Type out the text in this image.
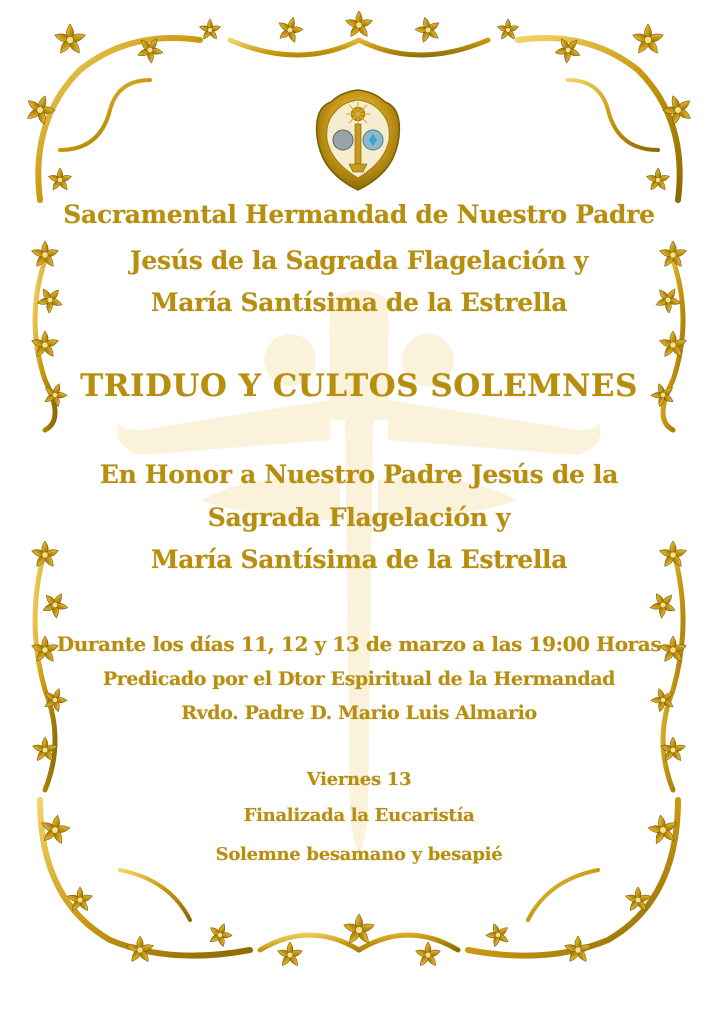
Sacramental Hermandad de Nuestro Padre
Jesús de la Sagrada Flagelación y
María Santísima de la Estrella
TRIDUO Y CULTOS SOLEMNES
En Honor a Nuestro Padre Jesús de la
Sagrada Flagelación y
María Santísima de la Estrella
Durante los días 11, 12 y 13 de marzo a las 19:00 Horas
Predicado por el Dtor Espiritual de la Hermandad
Rvdo. Padre D. Mario Luis Almario
Viernes 13
Finalizada la Eucaristía
Solemne besamano y besapié
